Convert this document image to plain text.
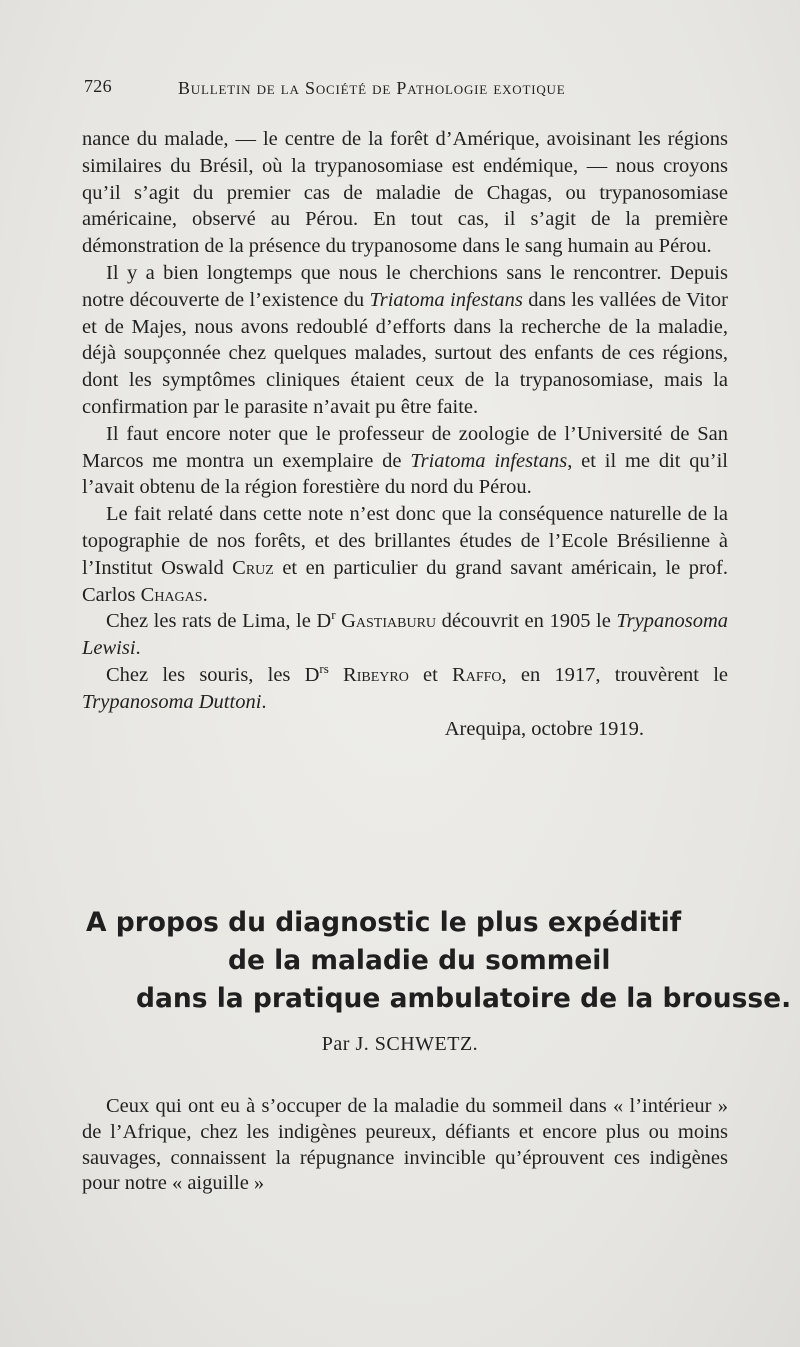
726	Bulletin de la Société de Pathologie exotique

nance du malade, — le centre de la forêt d’Amérique, avoisinant les régions similaires du Brésil, où la trypanosomiase est endémique, — nous croyons qu’il s’agit du premier cas de maladie de Chagas, ou trypanosomiase américaine, observé au Pérou. En tout cas, il s’agit de la première démonstration de la présence du trypanosome dans le sang humain au Pérou.

Il y a bien longtemps que nous le cherchions sans le rencontrer. Depuis notre découverte de l’existence du Triatoma infestans dans les vallées de Vitor et de Majes, nous avons redoublé d’efforts dans la recherche de la maladie, déjà soupçonnée chez quelques malades, surtout des enfants de ces régions, dont les symptômes cliniques étaient ceux de la trypanosomiase, mais la confirmation par le parasite n’avait pu être faite.

Il faut encore noter que le professeur de zoologie de l’Université de San Marcos me montra un exemplaire de Triatoma infestans, et il me dit qu’il l’avait obtenu de la région forestière du nord du Pérou.

Le fait relaté dans cette note n’est donc que la conséquence naturelle de la topographie de nos forêts, et des brillantes études de l’Ecole Brésilienne à l’Institut Oswald Cruz et en particulier du grand savant américain, le prof. Carlos Chagas.

Chez les rats de Lima, le $D^r$ Gastiaburu découvrit en 1905 le Trypanosoma Lewisi.

Chez les souris, les $D^{rs}$ Ribeyro et Raffo, en 1917, trouvèrent le Trypanosoma Duttoni.

Arequipa, octobre 1919.

A propos du diagnostic le plus expéditif
de la maladie du sommeil
dans la pratique ambulatoire de la brousse.
Par J. SCHWETZ.

Ceux qui ont eu à s’occuper de la maladie du sommeil dans « l’intérieur » de l’Afrique, chez les indigènes peureux, défiants et encore plus ou moins sauvages, connaissent la répugnance invincible qu’éprouvent ces indigènes pour notre « aiguille »
